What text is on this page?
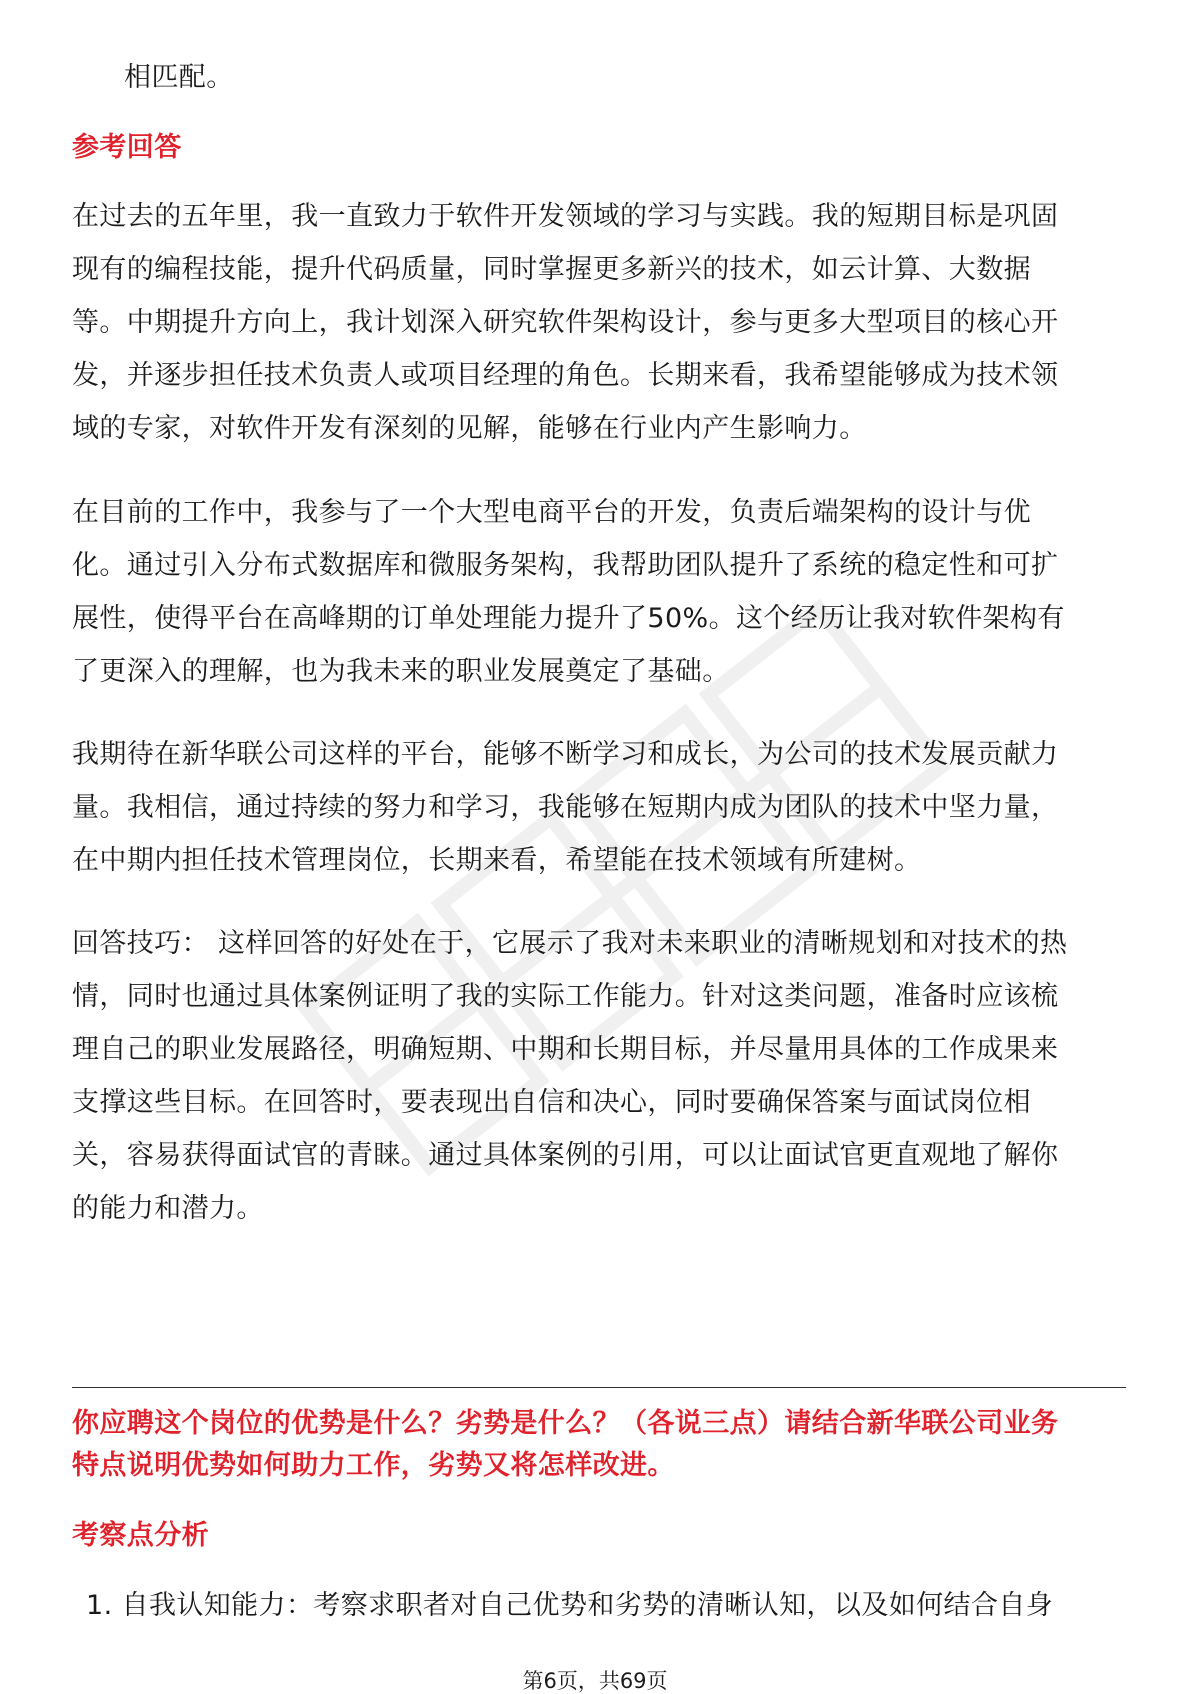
相匹配。
参考回答
在过去的五年里，我一直致力于软件开发领域的学习与实践。我的短期目标是巩固
现有的编程技能，提升代码质量，同时掌握更多新兴的技术，如云计算、大数据
等。中期提升方向上，我计划深入研究软件架构设计，参与更多大型项目的核心开
发，并逐步担任技术负责人或项目经理的角色。长期来看，我希望能够成为技术领
域的专家，对软件开发有深刻的见解，能够在行业内产生影响力。
在目前的工作中，我参与了一个大型电商平台的开发，负责后端架构的设计与优
化。通过引入分布式数据库和微服务架构，我帮助团队提升了系统的稳定性和可扩
展性，使得平台在高峰期的订单处理能力提升了50%。这个经历让我对软件架构有
了更深入的理解，也为我未来的职业发展奠定了基础。
我期待在新华联公司这样的平台，能够不断学习和成长，为公司的技术发展贡献力
量。我相信，通过持续的努力和学习，我能够在短期内成为团队的技术中坚力量，
在中期内担任技术管理岗位，长期来看，希望能在技术领域有所建树。
回答技巧： 这样回答的好处在于，它展示了我对未来职业的清晰规划和对技术的热
情，同时也通过具体案例证明了我的实际工作能力。针对这类问题，准备时应该梳
理自己的职业发展路径，明确短期、中期和长期目标，并尽量用具体的工作成果来
支撑这些目标。在回答时，要表现出自信和决心，同时要确保答案与面试岗位相
关，容易获得面试官的青睐。通过具体案例的引用，可以让面试官更直观地了解你
的能力和潜力。
你应聘这个岗位的优势是什么？劣势是什么？（各说三点）请结合新华联公司业务
特点说明优势如何助力工作，劣势又将怎样改进。
考察点分析
1. 自我认知能力：考察求职者对自己优势和劣势的清晰认知，以及如何结合自身
第6页，共69页
